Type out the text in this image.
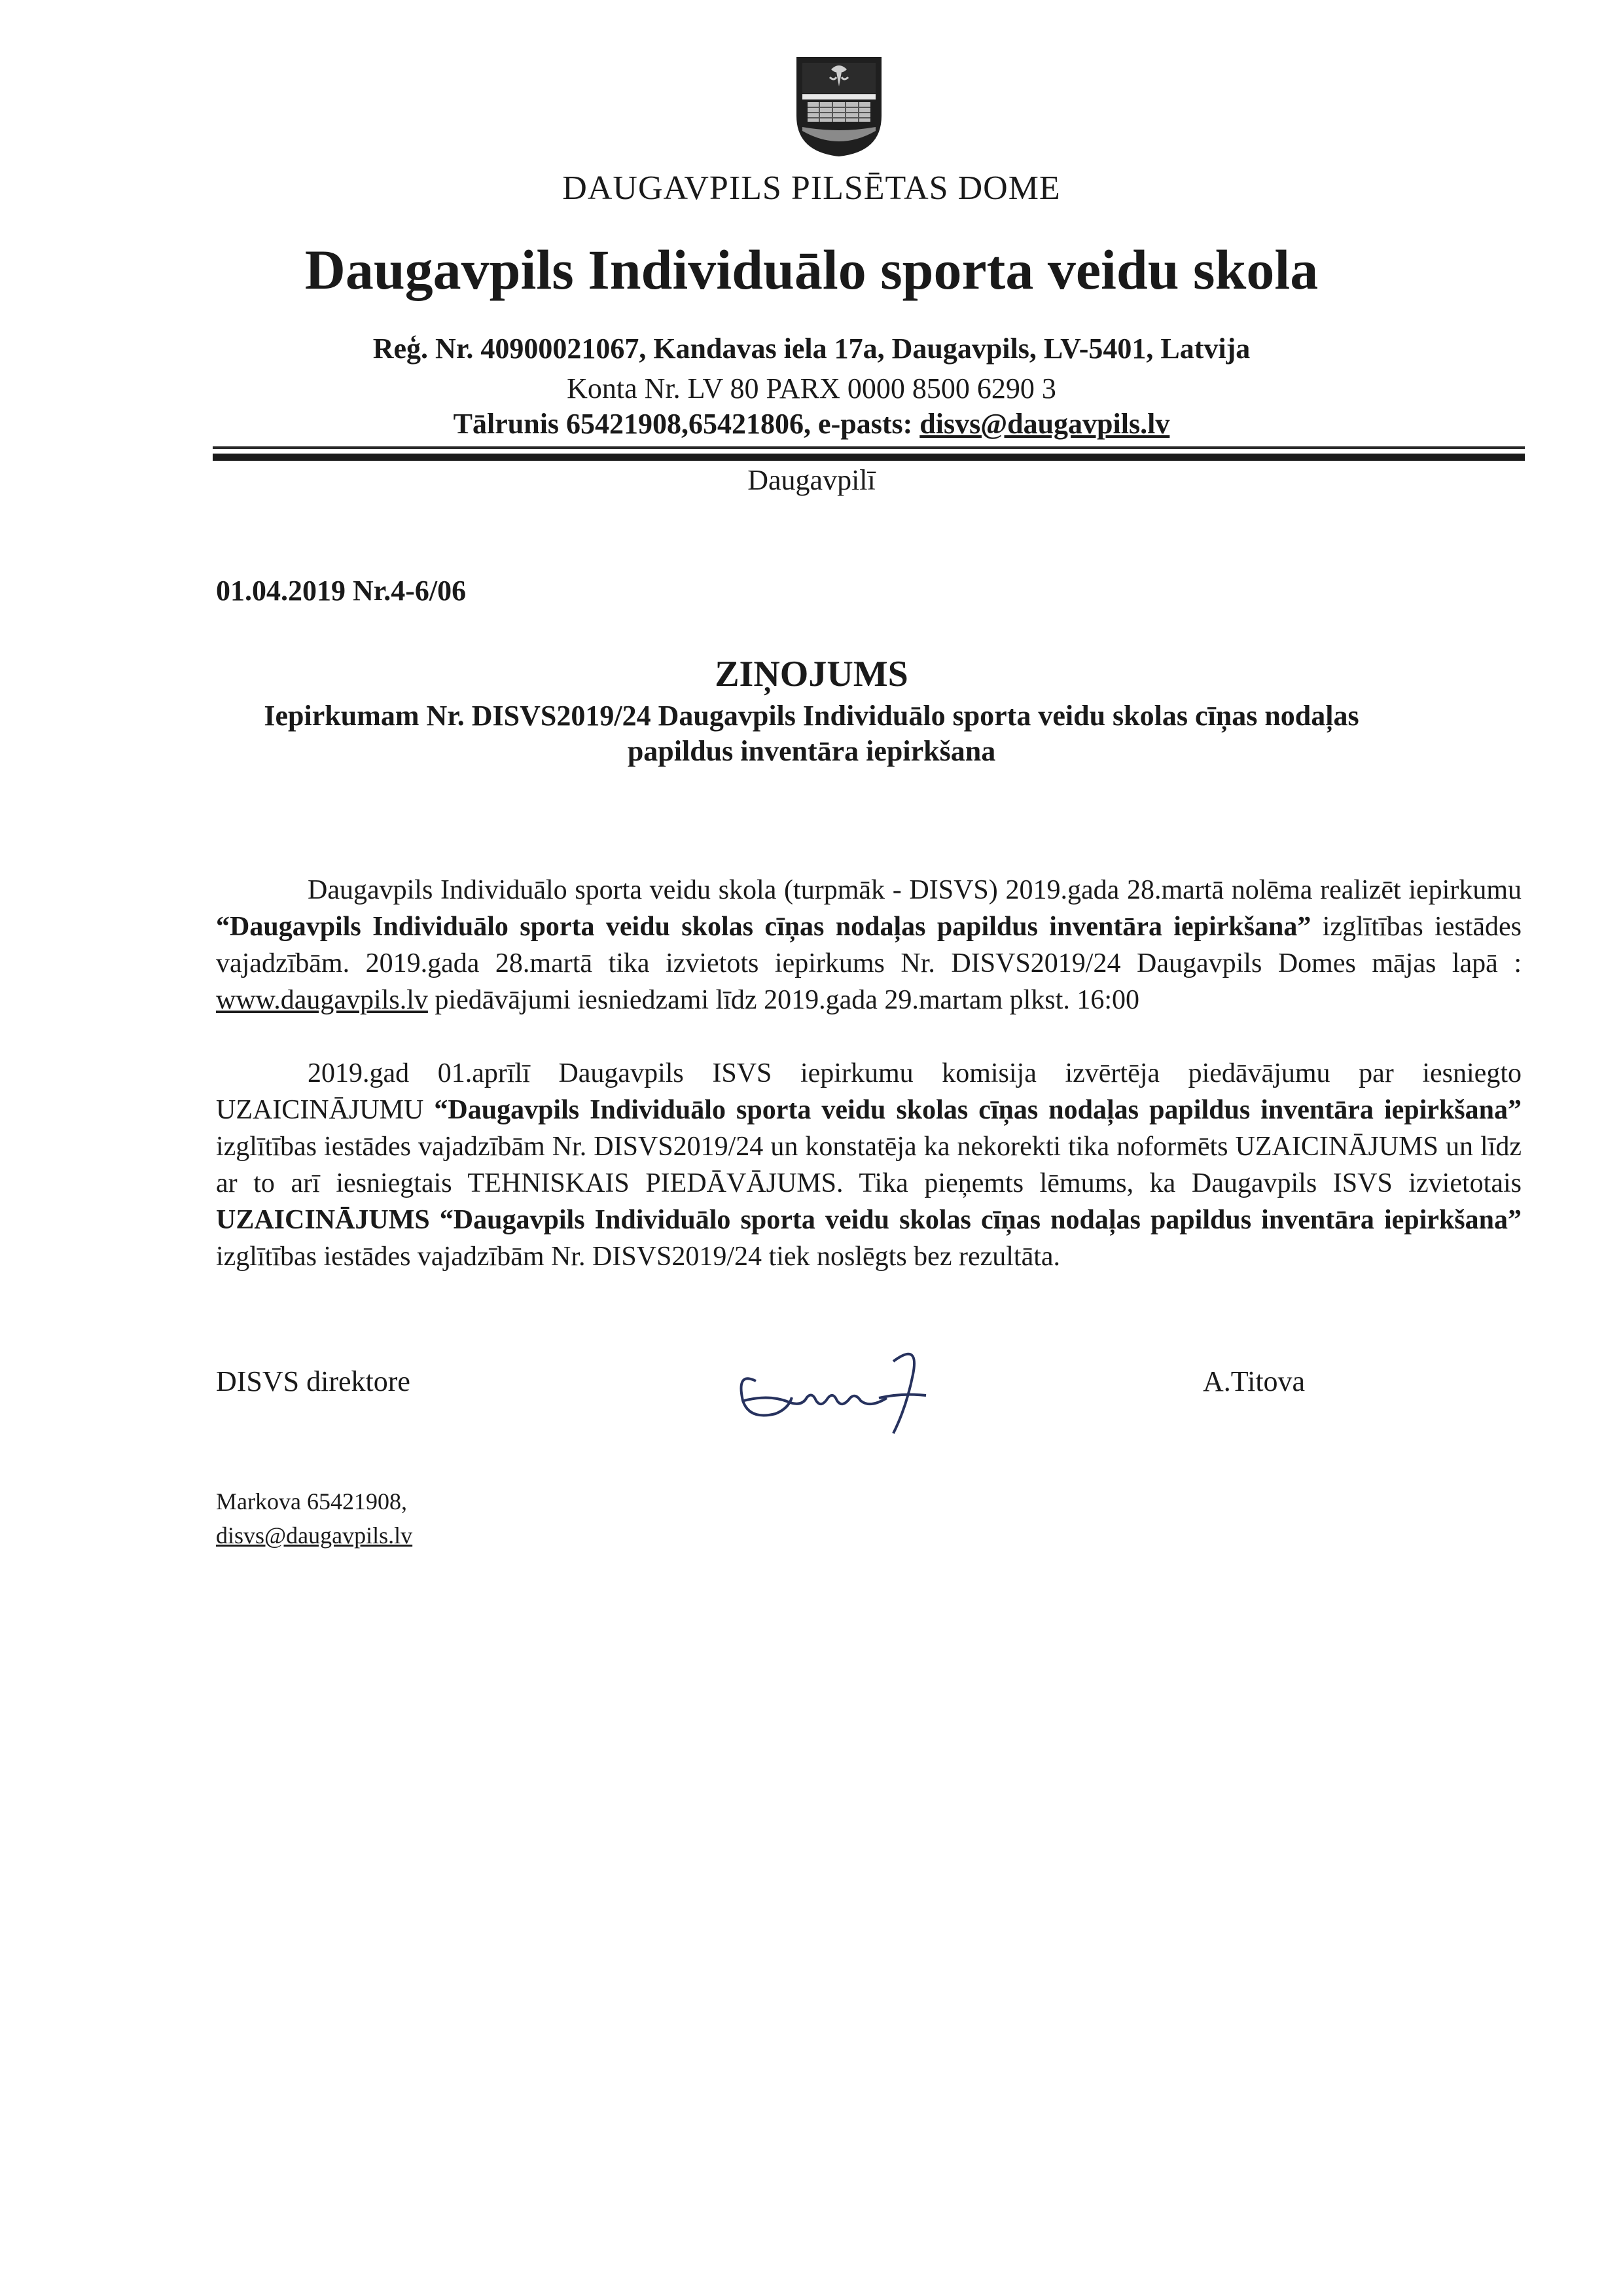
DAUGAVPILS PILSĒTAS DOME
Daugavpils Individuālo sporta veidu skola
Reģ. Nr. 40900021067, Kandavas iela 17a, Daugavpils, LV-5401, Latvija
Konta Nr. LV 80 PARX 0000 8500 6290 3
Tālrunis 65421908,65421806, e-pasts: disvs@daugavpils.lv
Daugavpilī
01.04.2019 Nr.4-6/06
ZIŅOJUMS
Iepirkumam Nr. DISVS2019/24 Daugavpils Individuālo sporta veidu skolas cīņas nodaļas
papildus inventāra iepirkšana

Daugavpils Individuālo sporta veidu skola (turpmāk - DISVS) 2019.gada 28.martā nolēma realizēt iepirkumu “Daugavpils Individuālo sporta veidu skolas cīņas nodaļas papildus inventāra iepirkšana” izglītības iestādes vajadzībām. 2019.gada 28.martā tika izvietots iepirkums Nr. DISVS2019/24 Daugavpils Domes mājas lapā : www.daugavpils.lv piedāvājumi iesniedzami līdz 2019.gada 29.martam plkst. 16:00

2019.gad 01.aprīlī Daugavpils ISVS iepirkumu komisija izvērtēja piedāvājumu par iesniegto UZAICINĀJUMU “Daugavpils Individuālo sporta veidu skolas cīņas nodaļas papildus inventāra iepirkšana” izglītības iestādes vajadzībām Nr. DISVS2019/24 un konstatēja ka nekorekti tika noformēts UZAICINĀJUMS un līdz ar to arī iesniegtais TEHNISKAIS PIEDĀVĀJUMS. Tika pieņemts lēmums, ka Daugavpils ISVS izvietotais UZAICINĀJUMS “Daugavpils Individuālo sporta veidu skolas cīņas nodaļas papildus inventāra iepirkšana” izglītības iestādes vajadzībām Nr. DISVS2019/24 tiek noslēgts bez rezultāta.

DISVS direktore	A.Titova
Markova 65421908,
disvs@daugavpils.lv
